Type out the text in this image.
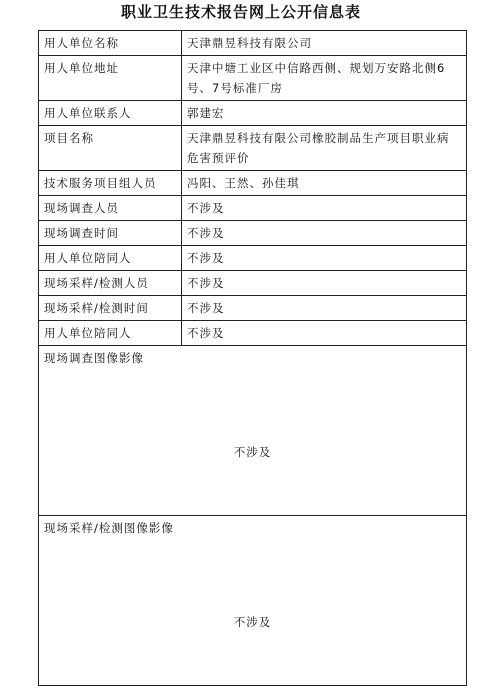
职业卫生技术报告网上公开信息表
用人单位名称	天津鼎昱科技有限公司
用人单位地址	天津中塘工业区中信路西侧、规划万安路北侧6号、7号标准厂房
用人单位联系人	郭建宏
项目名称	天津鼎昱科技有限公司橡胶制品生产项目职业病危害预评价
技术服务项目组人员	冯阳、王然、孙佳琪
现场调查人员	不涉及
现场调查时间	不涉及
用人单位陪同人	不涉及
现场采样/检测人员	不涉及
现场采样/检测时间	不涉及
用人单位陪同人	不涉及

现场调查图像影像
不涉及	

现场采样/检测图像影像
不涉及	
